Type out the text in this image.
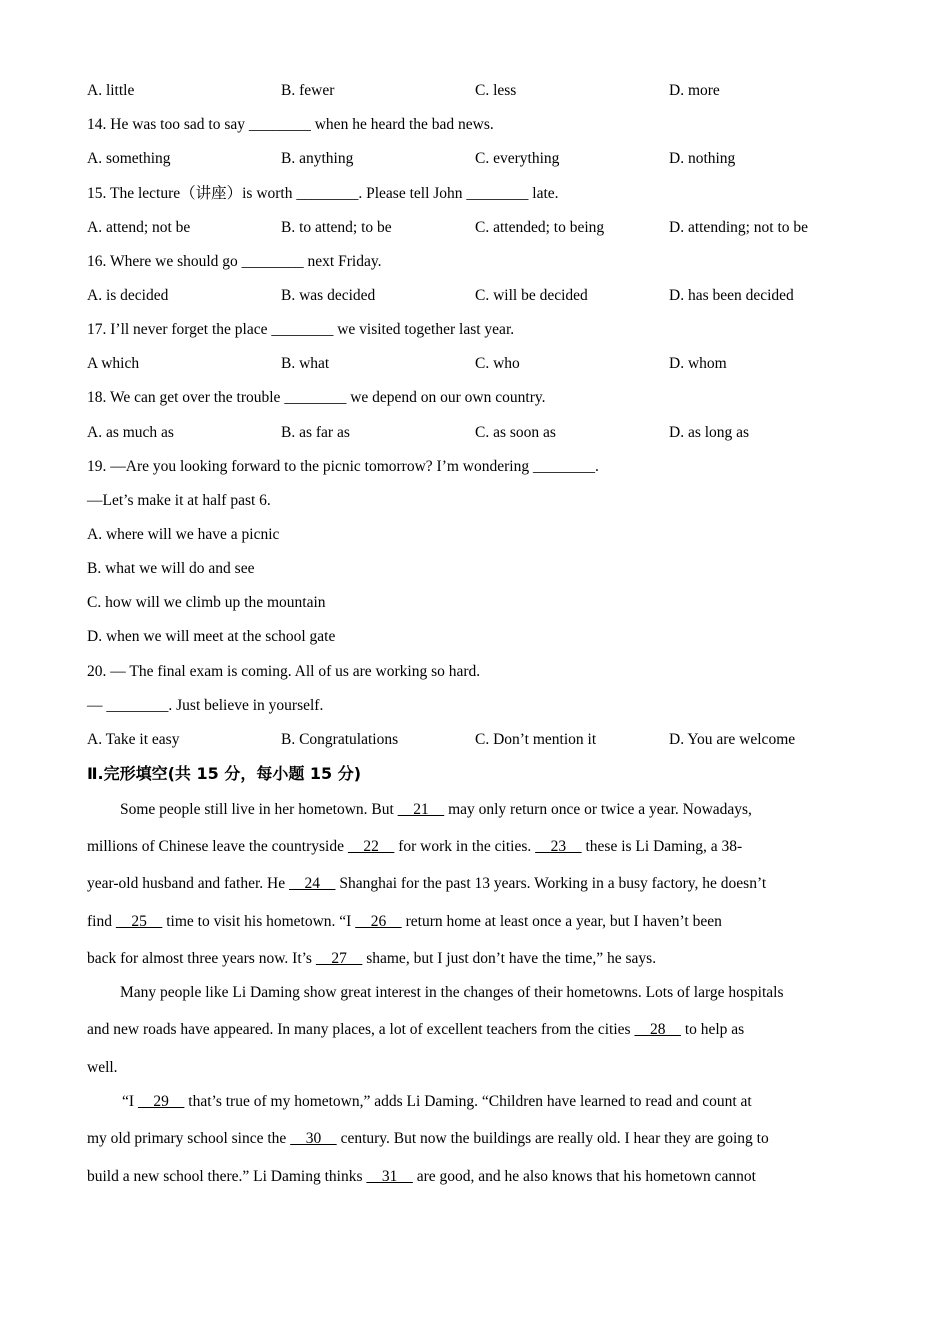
A. little	B. fewer	C. less	D. more
14. He was too sad to say ________ when he heard the bad news.
A. something	B. anything	C. everything	D. nothing
15. The lecture（讲座）is worth ________. Please tell John ________ late.
A. attend; not be	B. to attend; to be	C. attended; to being	D. attending; not to be
16. Where we should go ________ next Friday.
A. is decided	B. was decided	C. will be decided	D. has been decided
17. I’ll never forget the place ________ we visited together last year.
A which	B. what	C. who	D. whom
18. We can get over the trouble ________ we depend on our own country.
A. as much as	B. as far as	C. as soon as	D. as long as
19. —Are you looking forward to the picnic tomorrow? I’m wondering ________.
—Let’s make it at half past 6.
A. where will we have a picnic
B. what we will do and see
C. how will we climb up the mountain
D. when we will meet at the school gate
20. — The final exam is coming. All of us are working so hard.
— ________. Just believe in yourself.
A. Take it easy	B. Congratulations	C. Don’t mention it	D. You are welcome
Ⅱ.完形填空(共 15 分，每小题 15 分)
Some people still live in her hometown. But     21     may only return once or twice a year. Nowadays,
millions of Chinese leave the countryside     22     for work in the cities.     23     these is Li Daming, a 38-
year-old husband and father. He     24     Shanghai for the past 13 years. Working in a busy factory, he doesn’t
find     25     time to visit his hometown. “I     26     return home at least once a year, but I haven’t been
back for almost three years now. It’s     27     shame, but I just don’t have the time,” he says.
Many people like Li Daming show great interest in the changes of their hometowns. Lots of large hospitals
and new roads have appeared. In many places, a lot of excellent teachers from the cities     28     to help as
well.
“I     29     that’s true of my hometown,” adds Li Daming. “Children have learned to read and count at
my old primary school since the     30     century. But now the buildings are really old. I hear they are going to
build a new school there.” Li Daming thinks     31     are good, and he also knows that his hometown cannot
